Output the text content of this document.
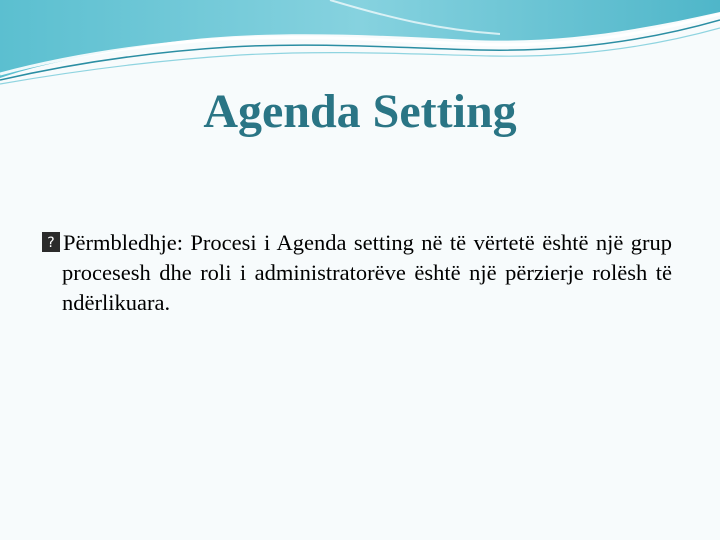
Agenda Setting

? Përmbledhje: Procesi i Agenda setting në të vërtetë është një grup procesesh dhe roli i administratorëve është një përzierje rolësh të ndërlikuara.
